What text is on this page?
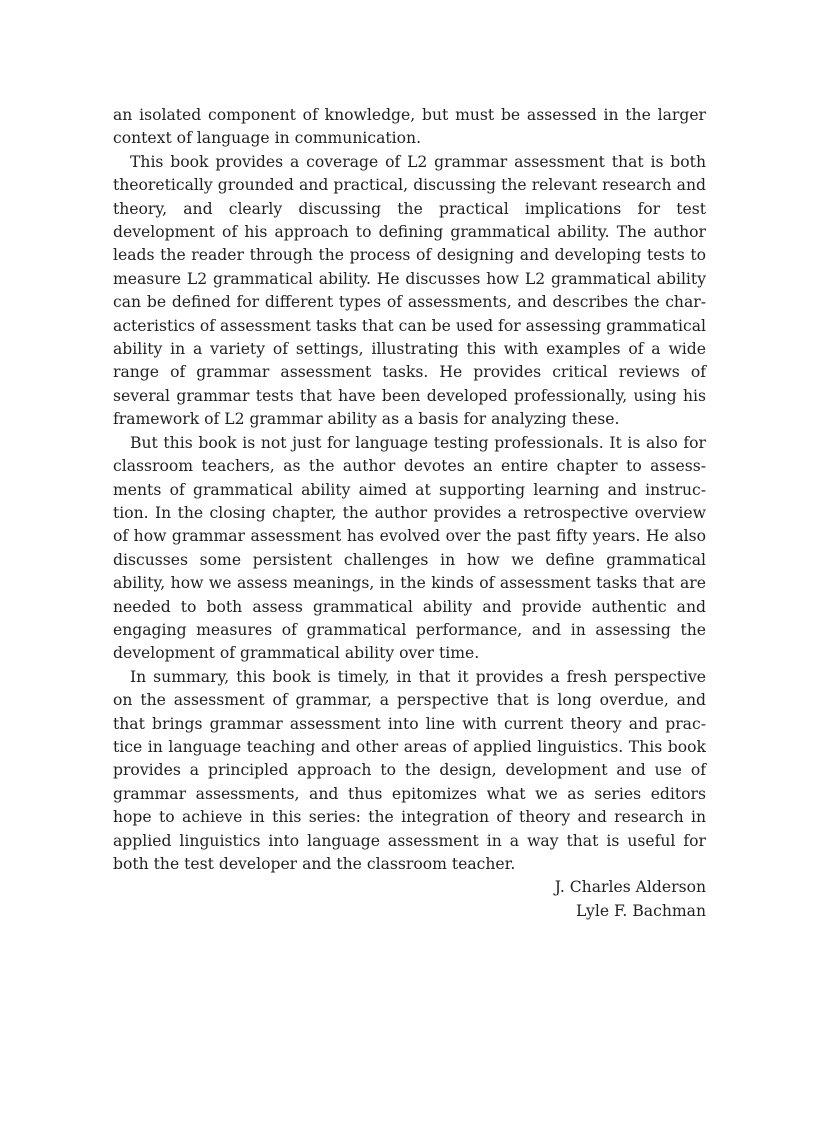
an isolated component of knowledge, but must be assessed in the larger context of language in communication.

This book provides a coverage of L2 grammar assessment that is both theoretically grounded and practical, discussing the relevant research and theory, and clearly discussing the practical implications for test development of his approach to defining grammatical ability. The author leads the reader through the process of designing and developing tests to measure L2 grammatical ability. He discusses how L2 grammatical ability can be defined for different types of assessments, and describes the characteristics of assessment tasks that can be used for assessing grammatical ability in a variety of settings, illustrating this with examples of a wide range of grammar assessment tasks. He provides critical reviews of several grammar tests that have been developed professionally, using his framework of L2 grammar ability as a basis for analyzing these.

But this book is not just for language testing professionals. It is also for classroom teachers, as the author devotes an entire chapter to assessments of grammatical ability aimed at supporting learning and instruction. In the closing chapter, the author provides a retrospective overview of how grammar assessment has evolved over the past fifty years. He also discusses some persistent challenges in how we define grammatical ability, how we assess meanings, in the kinds of assessment tasks that are needed to both assess grammatical ability and provide authentic and engaging measures of grammatical performance, and in assessing the development of grammatical ability over time.

In summary, this book is timely, in that it provides a fresh perspective on the assessment of grammar, a perspective that is long overdue, and that brings grammar assessment into line with current theory and practice in language teaching and other areas of applied linguistics. This book provides a principled approach to the design, development and use of grammar assessments, and thus epitomizes what we as series editors hope to achieve in this series: the integration of theory and research in applied linguistics into language assessment in a way that is useful for both the test developer and the classroom teacher.

J. Charles Alderson

Lyle F. Bachman
